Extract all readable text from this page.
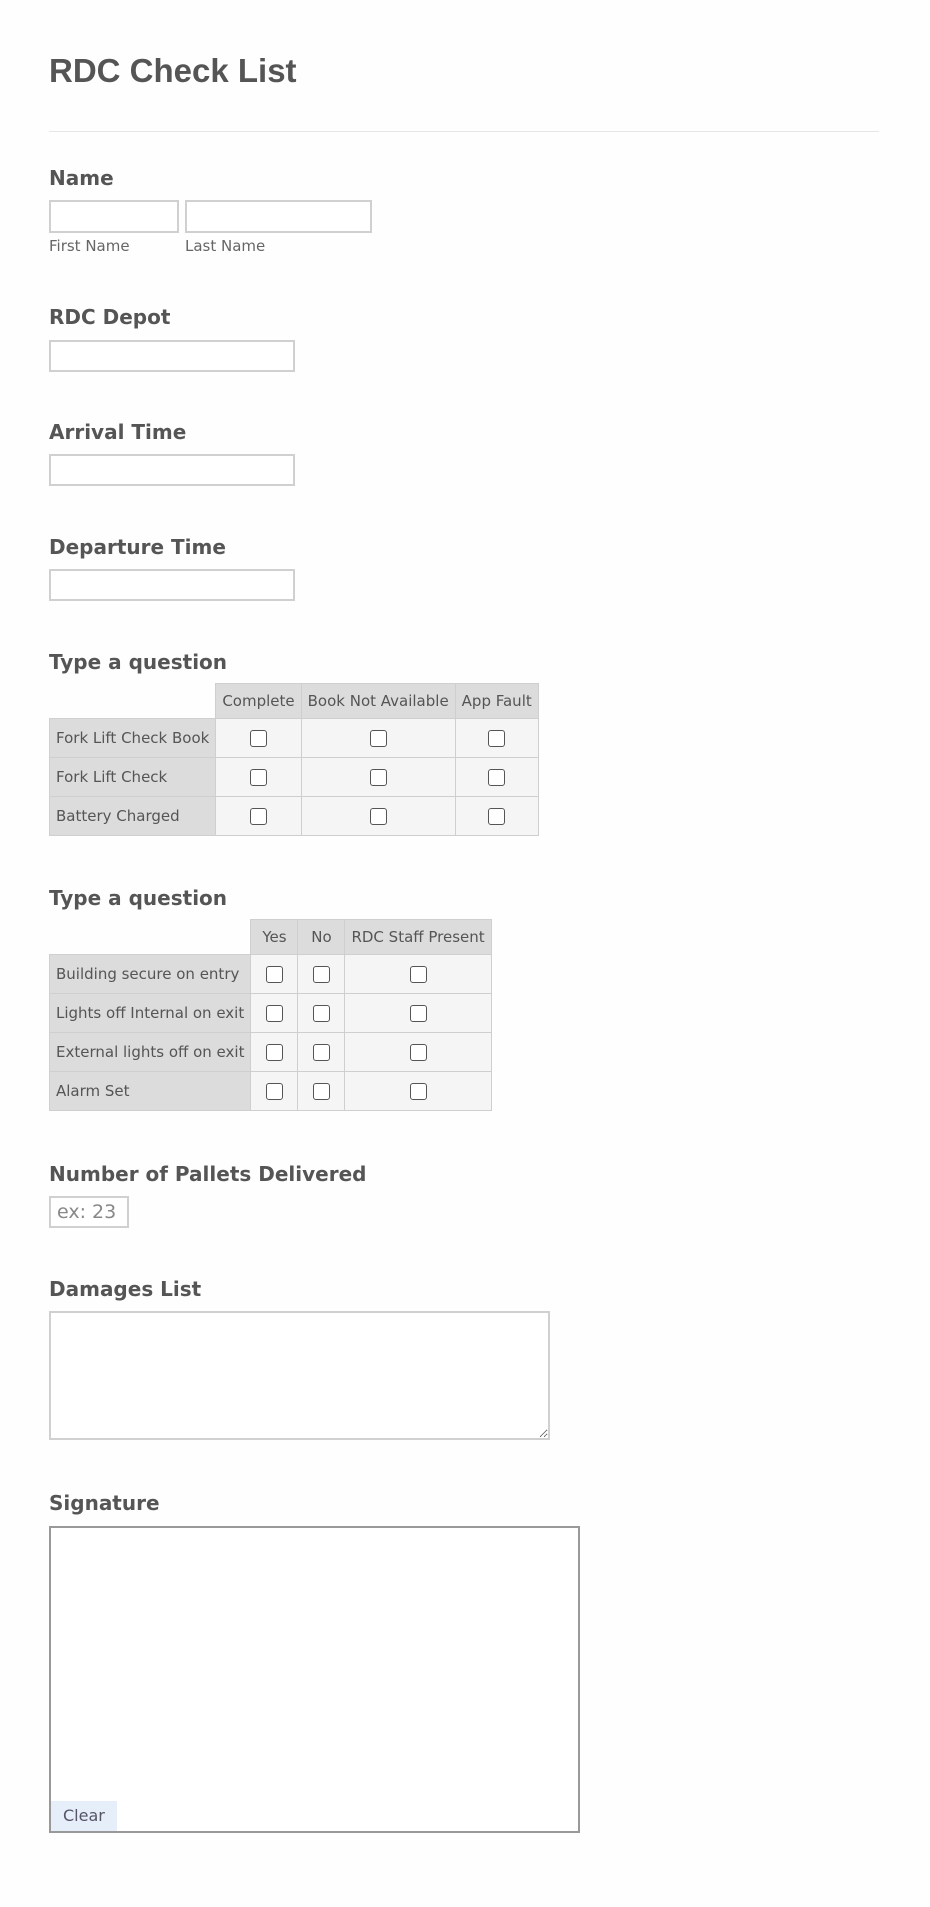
RDC Check List
Name
First Name	Last Name
RDC Depot
Arrival Time
Departure Time
Type a question
	Complete	Book Not Available	App Fault
Fork Lift Check Book			
Fork Lift Check			
Battery Charged			
Type a question
	Yes	No	RDC Staff Present
Building secure on entry			
Lights off Internal on exit			
External lights off on exit			
Alarm Set			
Number of Pallets Delivered
ex: 23
Damages List
Signature
Clear
